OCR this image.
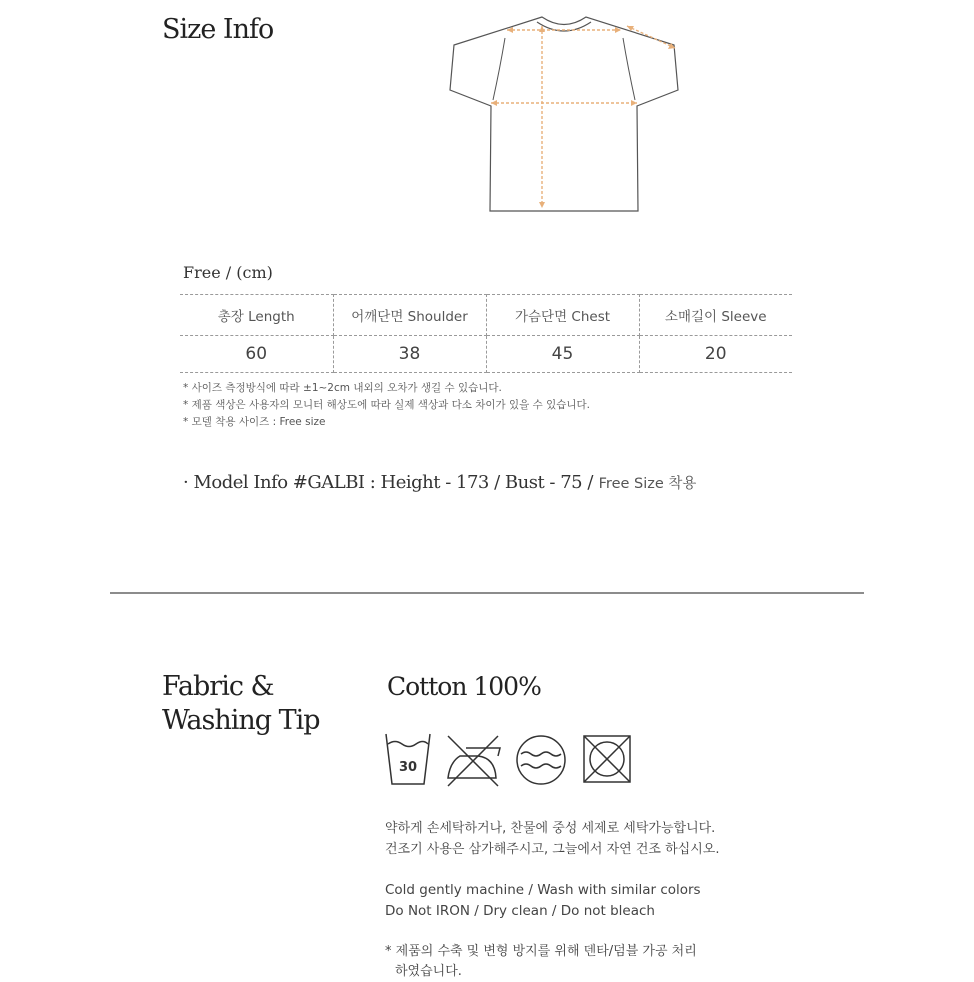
Size Info
Free / (cm)
총장 Length	어깨단면 Shoulder	가슴단면 Chest	소매길이 Sleeve
60	38	45	20
* 사이즈 측정방식에 따라 ±1~2cm 내외의 오차가 생길 수 있습니다.
* 제품 색상은 사용자의 모니터 해상도에 따라 실제 색상과 다소 차이가 있을 수 있습니다.
* 모델 착용 사이즈 : Free size
· Model Info #GALBI : Height - 173 / Bust - 75 / Free Size 착용
Fabric &
Washing Tip
Cotton 100%
30
약하게 손세탁하거나, 찬물에 중성 세제로 세탁가능합니다.
건조기 사용은 삼가해주시고, 그늘에서 자연 건조 하십시오.
Cold gently machine / Wash with similar colors
Do Not IRON / Dry clean / Do not bleach
* 제품의 수축 및 변형 방지를 위해 덴타/덤블 가공 처리
하였습니다.
